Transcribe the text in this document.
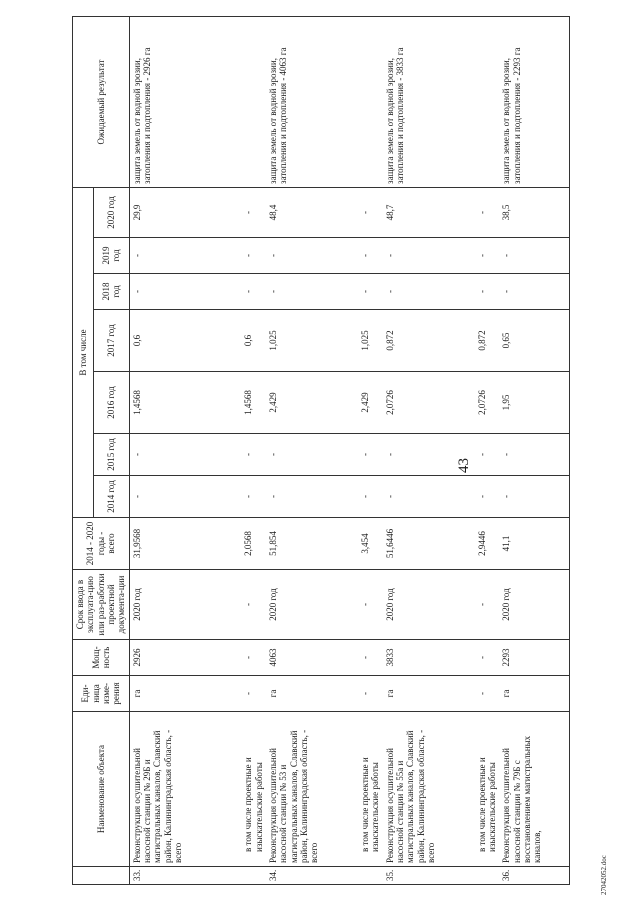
43
27042052.doc
	Наименование объекта	Еди-ница изме-рения	Мощ-ность	Срок ввода в эксплуата-цию или раз-работки проектной документа-ции	2014 - 2020 годы - всего	В том числе							Ожидаемый результат
						2014 год	2015 год	2016 год	2017 год	2018 год	2019 год	2020 год	
33.	Реконструкция осушительной насосной станции № 29Б и магистральных каналов, Славский район, Калининградская область, - всего	га	2926	2020 год	31,9568	-	-	1,4568	0,6	-	-	29,9	защита земель от водной эрозии, затопления и подтопления - 2926 га
	в том числе проектные и изыскательские работы	-	-	-	2,0568	-	-	1,4568	0,6	-	-	-	
34.	Реконструкция осушительной насосной станции № 53 и магистральных каналов, Славский район, Калининградская область, - всего	га	4063	2020 год	51,854	-	-	2,429	1,025	-	-	48,4	защита земель от водной эрозии, затопления и подтопления - 4063 га
	в том числе проектные и изыскательские работы	-	-	-	3,454	-	-	2,429	1,025	-	-	-	
35.	Реконструкция осушительной насосной станции № 55а и магистральных каналов, Славский район, Калининградская область, - всего	га	3833	2020 год	51,6446	-	-	2,0726	0,872	-	-	48,7	защита земель от водной эрозии, затопления и подтопления - 3833 га
	в том числе проектные и изыскательские работы	-	-	-	2,9446	-	-	2,0726	0,872	-	-	-	
36.	Реконструкция осушительной насосной станции № 79Б с восстановлением магистральных каналов,	га	2293	2020 год	41,1	-	-	1,95	0,65	-	-	38,5	защита земель от водной эрозии, затопления и подтопления - 2293 га
